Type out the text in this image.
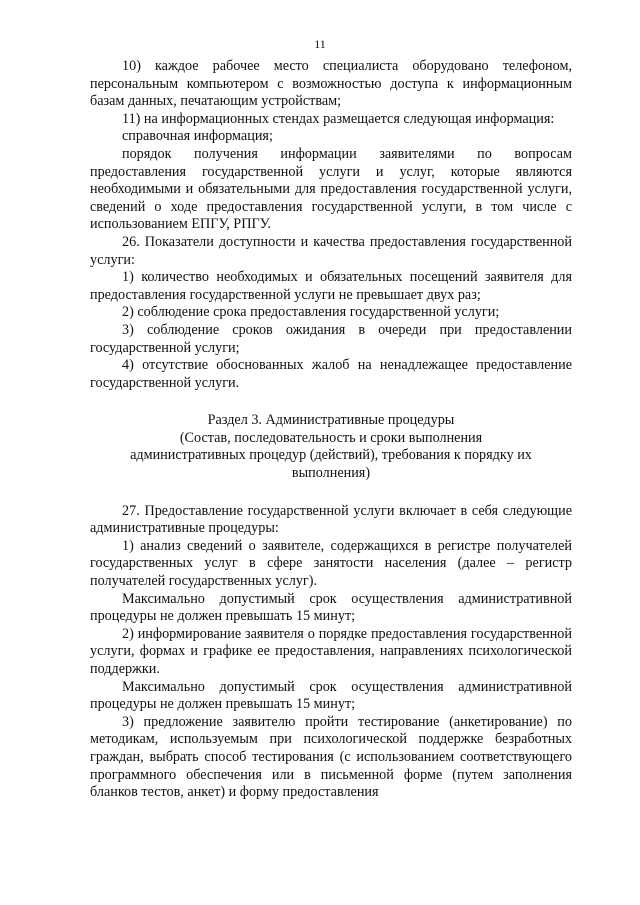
11

10) каждое рабочее место специалиста оборудовано телефоном, персональным компьютером с возможностью доступа к информационным базам данных, печатающим устройствам;

11) на информационных стендах размещается следующая информация:

справочная информация;

порядок получения информации заявителями по вопросам предоставления государственной услуги и услуг, которые являются необходимыми и обязательными для предоставления государственной услуги, сведений о ходе предоставления государственной услуги, в том числе с использованием ЕПГУ, РПГУ.

26. Показатели доступности и качества предоставления государственной услуги:

1) количество необходимых и обязательных посещений заявителя для предоставления государственной услуги не превышает двух раз;

2) соблюдение срока предоставления государственной услуги;

3) соблюдение сроков ожидания в очереди при предоставлении государственной услуги;

4) отсутствие обоснованных жалоб на ненадлежащее предоставление государственной услуги.

Раздел 3. Административные процедуры
(Состав, последовательность и сроки выполнения
административных процедур (действий), требования к порядку их
выполнения)

27. Предоставление государственной услуги включает в себя следующие административные процедуры:

1) анализ сведений о заявителе, содержащихся в регистре получателей государственных услуг в сфере занятости населения (далее – регистр получателей государственных услуг).

Максимально допустимый срок осуществления административной процедуры не должен превышать 15 минут;

2) информирование заявителя о порядке предоставления государственной услуги, формах и графике ее предоставления, направлениях психологической поддержки.

Максимально допустимый срок осуществления административной процедуры не должен превышать 15 минут;

3) предложение заявителю пройти тестирование (анкетирование) по методикам, используемым при психологической поддержке безработных граждан, выбрать способ тестирования (с использованием соответствующего программного обеспечения или в письменной форме (путем заполнения бланков тестов, анкет) и форму предоставления
